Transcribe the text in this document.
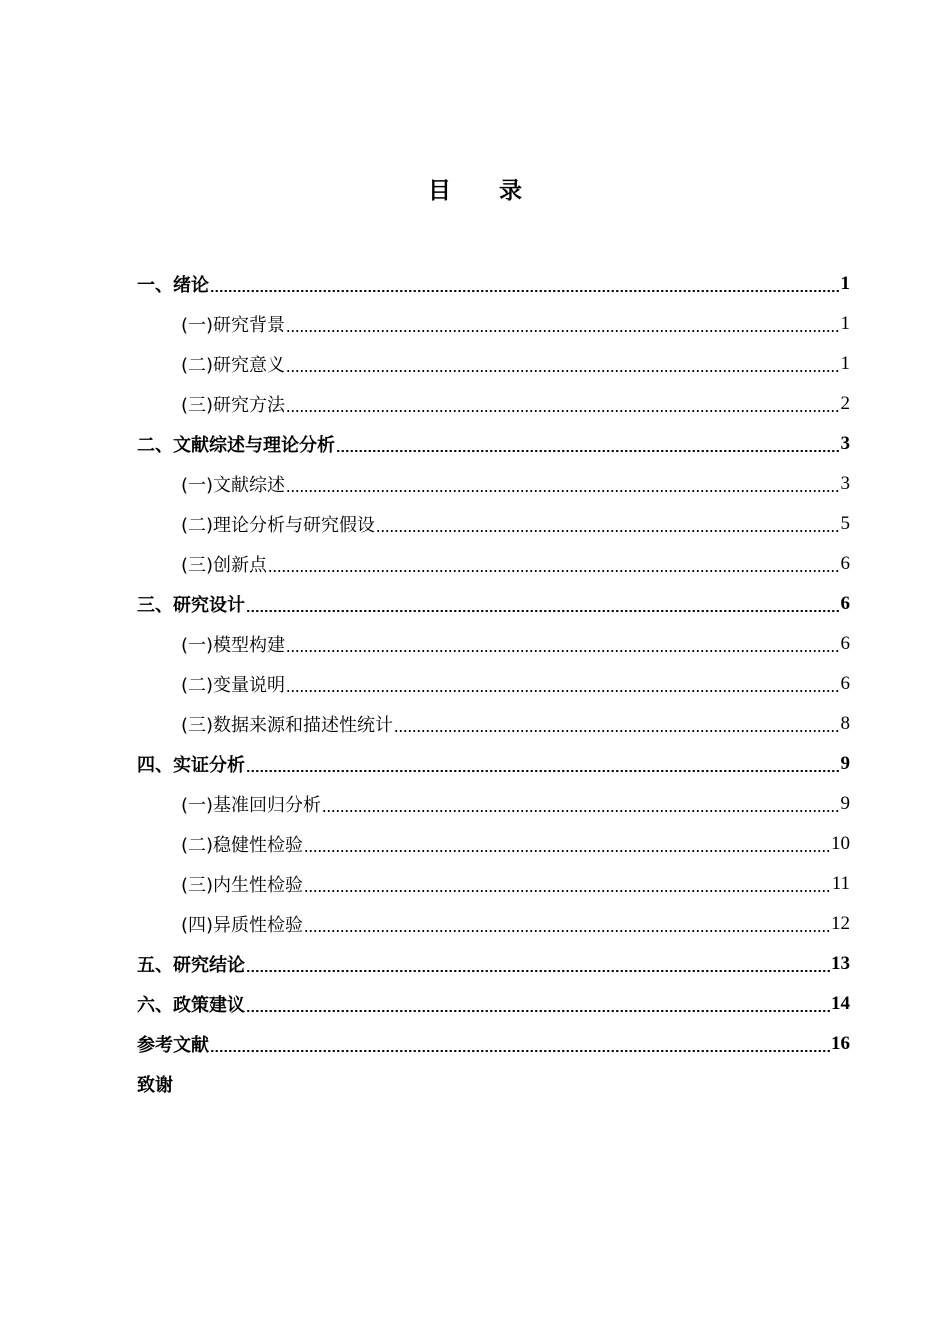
目 录
一、绪论	1
(一)研究背景	1
(二)研究意义	1
(三)研究方法	2
二、文献综述与理论分析	3
(一)文献综述	3
(二)理论分析与研究假设	5
(三)创新点	6
三、研究设计	6
(一)模型构建	6
(二)变量说明	6
(三)数据来源和描述性统计	8
四、实证分析	9
(一)基准回归分析	9
(二)稳健性检验	10
(三)内生性检验	11
(四)异质性检验	12
五、研究结论	13
六、政策建议	14
参考文献	16
致谢
